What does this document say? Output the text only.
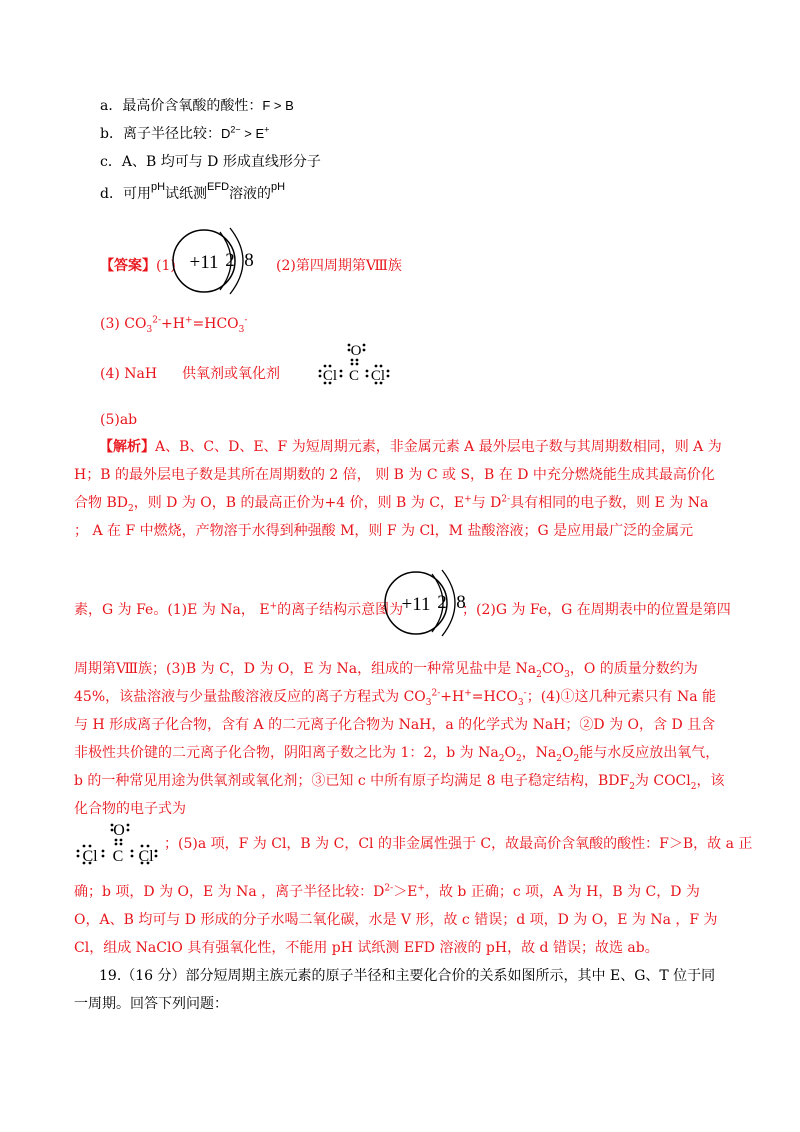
a．最高价含氧酸的酸性：F > B
b．离子半径比较：$D^{2-} > E^+$
c．A、B 均可与 D 形成直线形分子
d．可用$^{pH}$试纸测$^{EFD}$溶液的$^{pH}$
【答案】(1) +11 2 8 (2)第四周期第Ⅷ族
(3) $CO_3^{2-}+H^+=HCO_3^-$
(4) NaH 供氧剂或氧化剂
O
C
Cl Cl
(5)ab
【解析】A、B、C、D、E、F 为短周期元素，非金属元素 A 最外层电子数与其周期数相同，则 A 为 H；B 的最外层电子数是其所在周期数的 2 倍， 则 B 为 C 或 S，B 在 D 中充分燃烧能生成其最高价化合物 $BD_2$，则 D 为 O，B 的最高正价为+4 价，则 B 为 C，E+与 $D^{2-}$具有相同的电子数，则 E 为 Na ； A 在 F 中燃烧，产物溶于水得到种强酸 M，则 F 为 Cl，M 盐酸溶液；G 是应用最广泛的金属元
素，G 为 Fe。(1)E 为 Na， E+的离子结构示意图为
+11 2 8
；(2)G 为 Fe，G 在周期表中的位置是第四
周期第Ⅷ族；(3)B 为 C，D 为 O，E 为 Na，组成的一种常见盐中是 $Na_2CO_3$，O 的质量分数约为 45%，该盐溶液与少量盐酸溶液反应的离子方程式为 $CO_3^{2-}+H^+=HCO_3^-$；(4)①这几种元素只有 Na 能与 H 形成离子化合物，含有 A 的二元离子化合物为 NaH，a 的化学式为 NaH；②D 为 O，含 D 且含非极性共价键的二元离子化合物，阴阳离子数之比为 1：2，b 为 $Na_2O_2$，$Na_2O_2$能与水反应放出氧气，b 的一种常见用途为供氧剂或氧化剂；③已知 c 中所有原子均满足 8 电子稳定结构，$BDF_2$为 COCl$_2$，该化合物的电子式为
O
C
Cl	Cl
；(5)a 项，F 为 Cl，B 为 C，Cl 的非金属性强于 C，故最高价含氧酸的酸性：F＞B，故 a 正
确；b 项，D 为 O，E 为 Na ，离子半径比较：$D^{2-}>E^+$，故 b 正确；c 项，A 为 H，B 为 C，D 为 O，A、B 均可与 D 形成的分子水喝二氧化碳，水是 V 形，故 c 错误；d 项，D 为 O，E 为 Na ，F 为 Cl，组成 NaClO 具有强氧化性，不能用 pH 试纸测 EFD 溶液的 pH，故 d 错误；故选 ab。
19.（16 分）部分短周期主族元素的原子半径和主要化合价的关系如图所示，其中 E、G、T 位于同一周期。回答下列问题：
